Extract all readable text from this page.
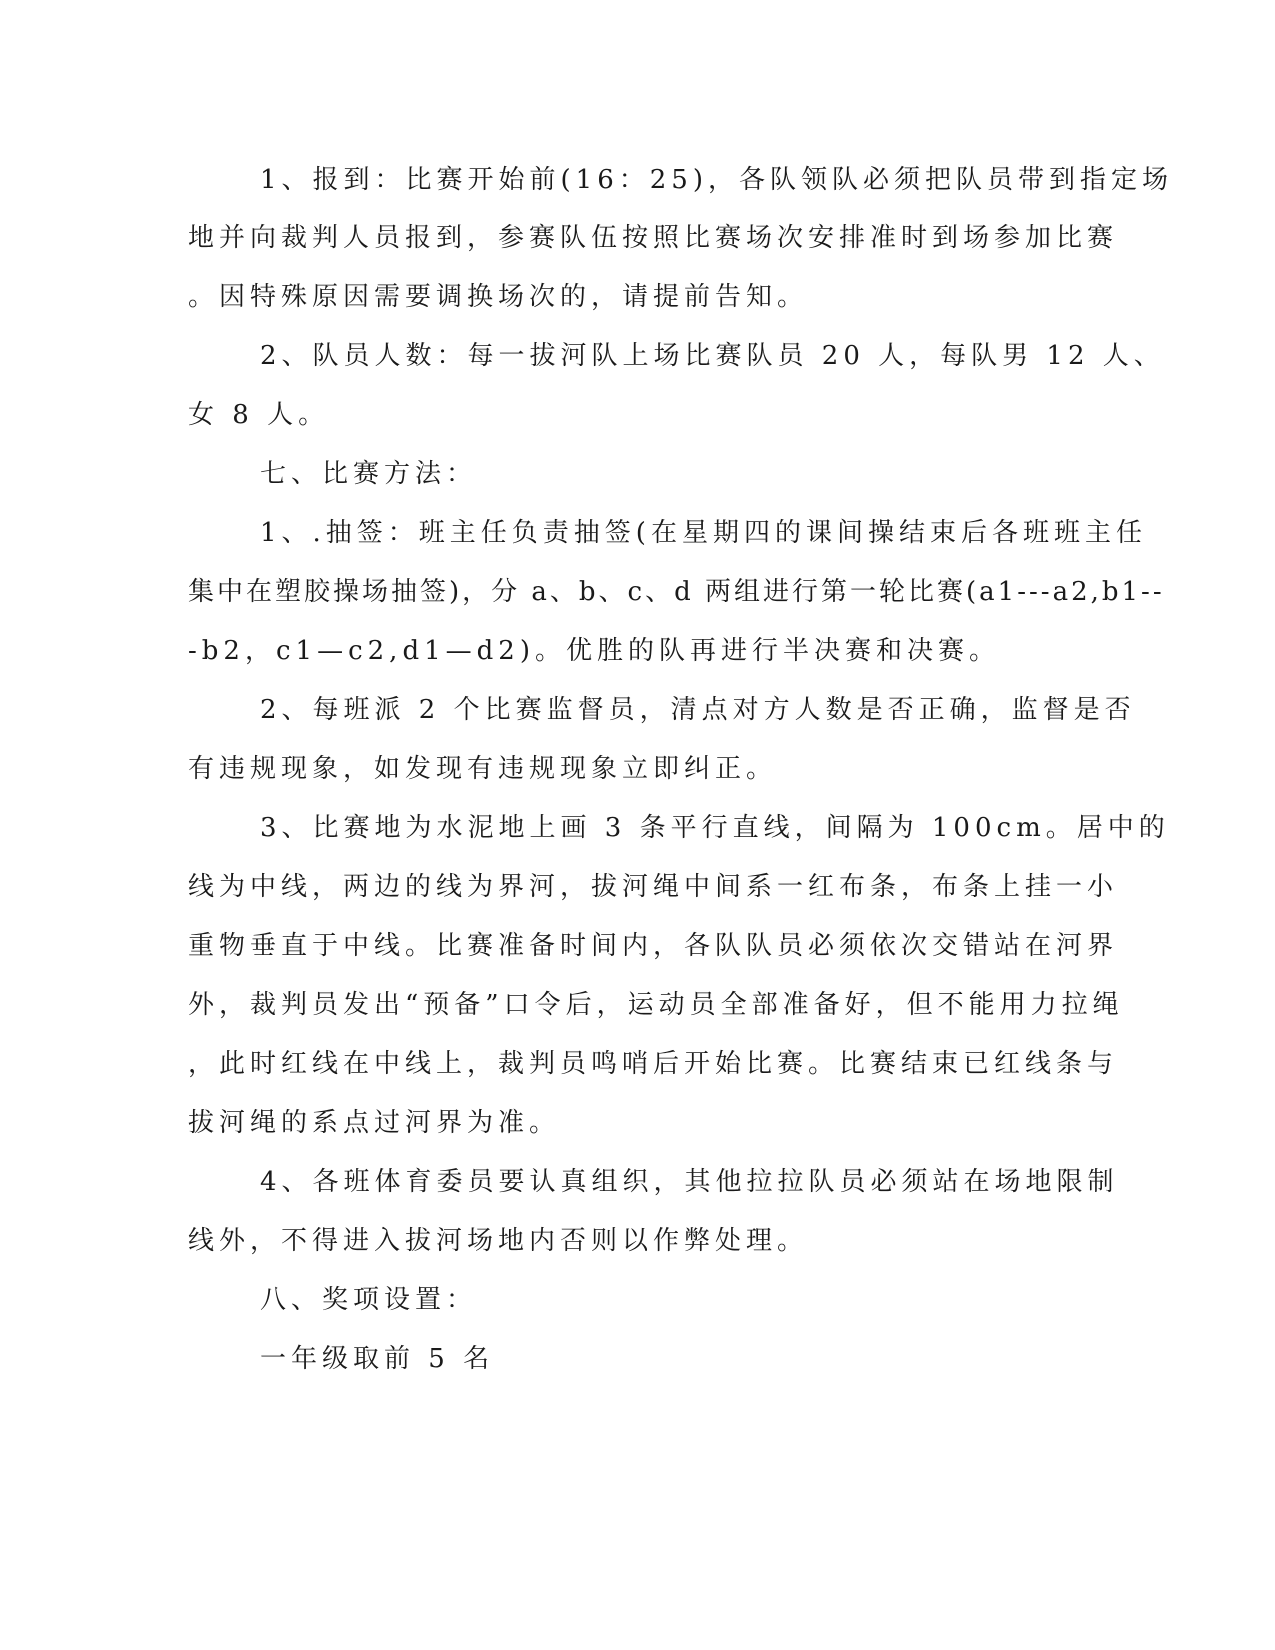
1、报到：比赛开始前(16：25)，各队领队必须把队员带到指定场
地并向裁判人员报到，参赛队伍按照比赛场次安排准时到场参加比赛
。因特殊原因需要调换场次的，请提前告知。
2、队员人数：每一拔河队上场比赛队员 20 人，每队男 12 人、
女 8 人。
七、比赛方法：
1、.抽签：班主任负责抽签(在星期四的课间操结束后各班班主任
集中在塑胶操场抽签)，分 a、b、c、d 两组进行第一轮比赛(a1---a2,b1--
-b2，c1—c2,d1—d2)。优胜的队再进行半决赛和决赛。
2、每班派 2 个比赛监督员，清点对方人数是否正确，监督是否
有违规现象，如发现有违规现象立即纠正。
3、比赛地为水泥地上画 3 条平行直线，间隔为 100cm。居中的
线为中线，两边的线为界河，拔河绳中间系一红布条，布条上挂一小
重物垂直于中线。比赛准备时间内，各队队员必须依次交错站在河界
外，裁判员发出“预备”口令后，运动员全部准备好，但不能用力拉绳
，此时红线在中线上，裁判员鸣哨后开始比赛。比赛结束已红线条与
拔河绳的系点过河界为准。
4、各班体育委员要认真组织，其他拉拉队员必须站在场地限制
线外，不得进入拔河场地内否则以作弊处理。
八、奖项设置：
一年级取前 5 名
